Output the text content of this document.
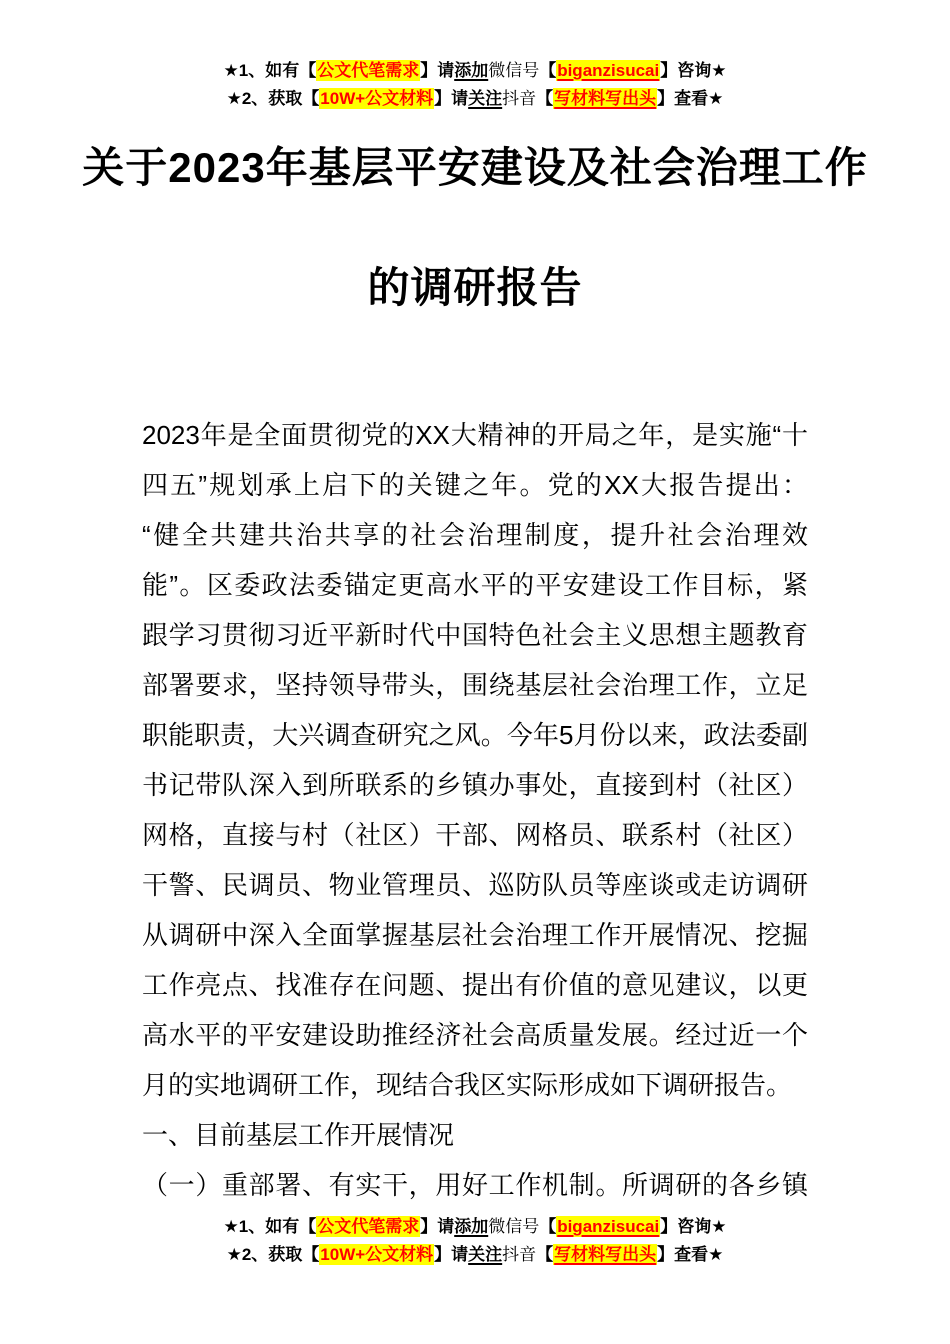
★1、如有【公文代笔需求】请添加微信号【biganzisucai】咨询★
★2、获取【10W+公文材料】请关注抖音【写材料写出头】查看★
关于2023年基层平安建设及社会治理工作
的调研报告
2023年是全面贯彻党的XX大精神的开局之年，是实施“十
四五”规划承上启下的关键之年。党的XX大报告提出：
“健全共建共治共享的社会治理制度，提升社会治理效
能”。区委政法委锚定更高水平的平安建设工作目标，紧
跟学习贯彻习近平新时代中国特色社会主义思想主题教育
部署要求，坚持领导带头，围绕基层社会治理工作，立足
职能职责，大兴调查研究之风。今年5月份以来，政法委副
书记带队深入到所联系的乡镇办事处，直接到村（社区）
网格，直接与村（社区）干部、网格员、联系村（社区）
干警、民调员、物业管理员、巡防队员等座谈或走访调研
从调研中深入全面掌握基层社会治理工作开展情况、挖掘
工作亮点、找准存在问题、提出有价值的意见建议，以更
高水平的平安建设助推经济社会高质量发展。经过近一个
月的实地调研工作，现结合我区实际形成如下调研报告。
一、目前基层工作开展情况
（一）重部署、有实干，用好工作机制。所调研的各乡镇
★1、如有【公文代笔需求】请添加微信号【biganzisucai】咨询★
★2、获取【10W+公文材料】请关注抖音【写材料写出头】查看★
